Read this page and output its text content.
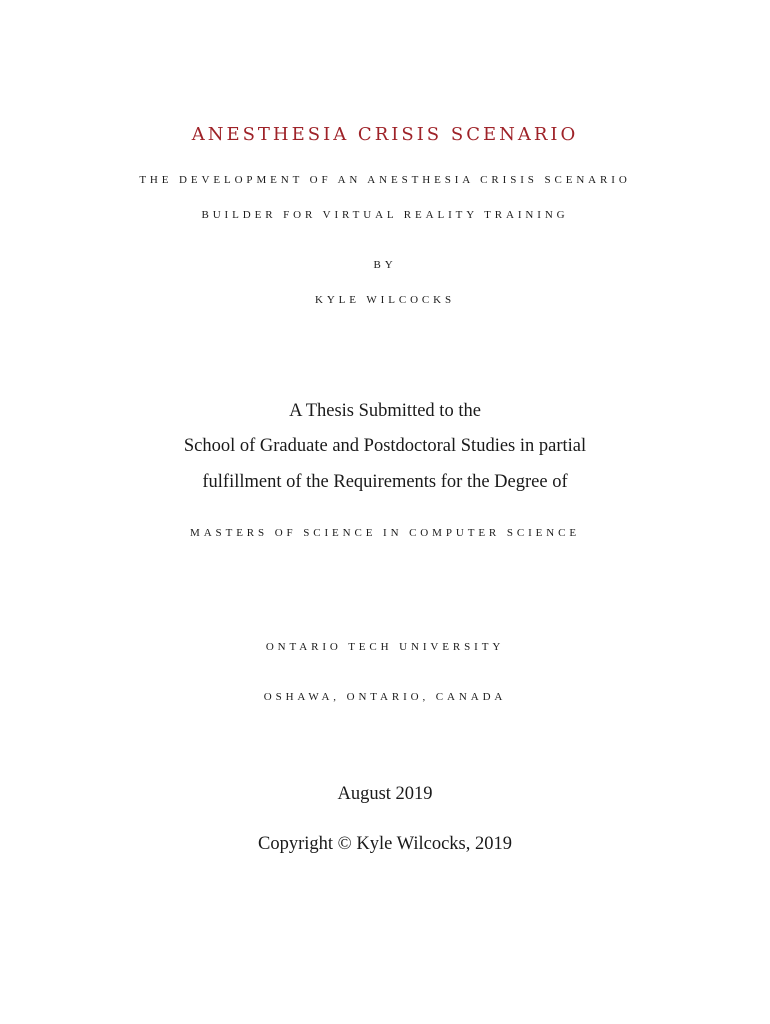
ANESTHESIA CRISIS SCENARIO
THE DEVELOPMENT OF AN ANESTHESIA CRISIS SCENARIO
BUILDER FOR VIRTUAL REALITY TRAINING
BY
KYLE WILCOCKS
A Thesis Submitted to the
School of Graduate and Postdoctoral Studies in partial
fulfillment of the Requirements for the Degree of
MASTERS OF SCIENCE IN COMPUTER SCIENCE
ONTARIO TECH UNIVERSITY
OSHAWA, ONTARIO, CANADA
August 2019
Copyright © Kyle Wilcocks, 2019
